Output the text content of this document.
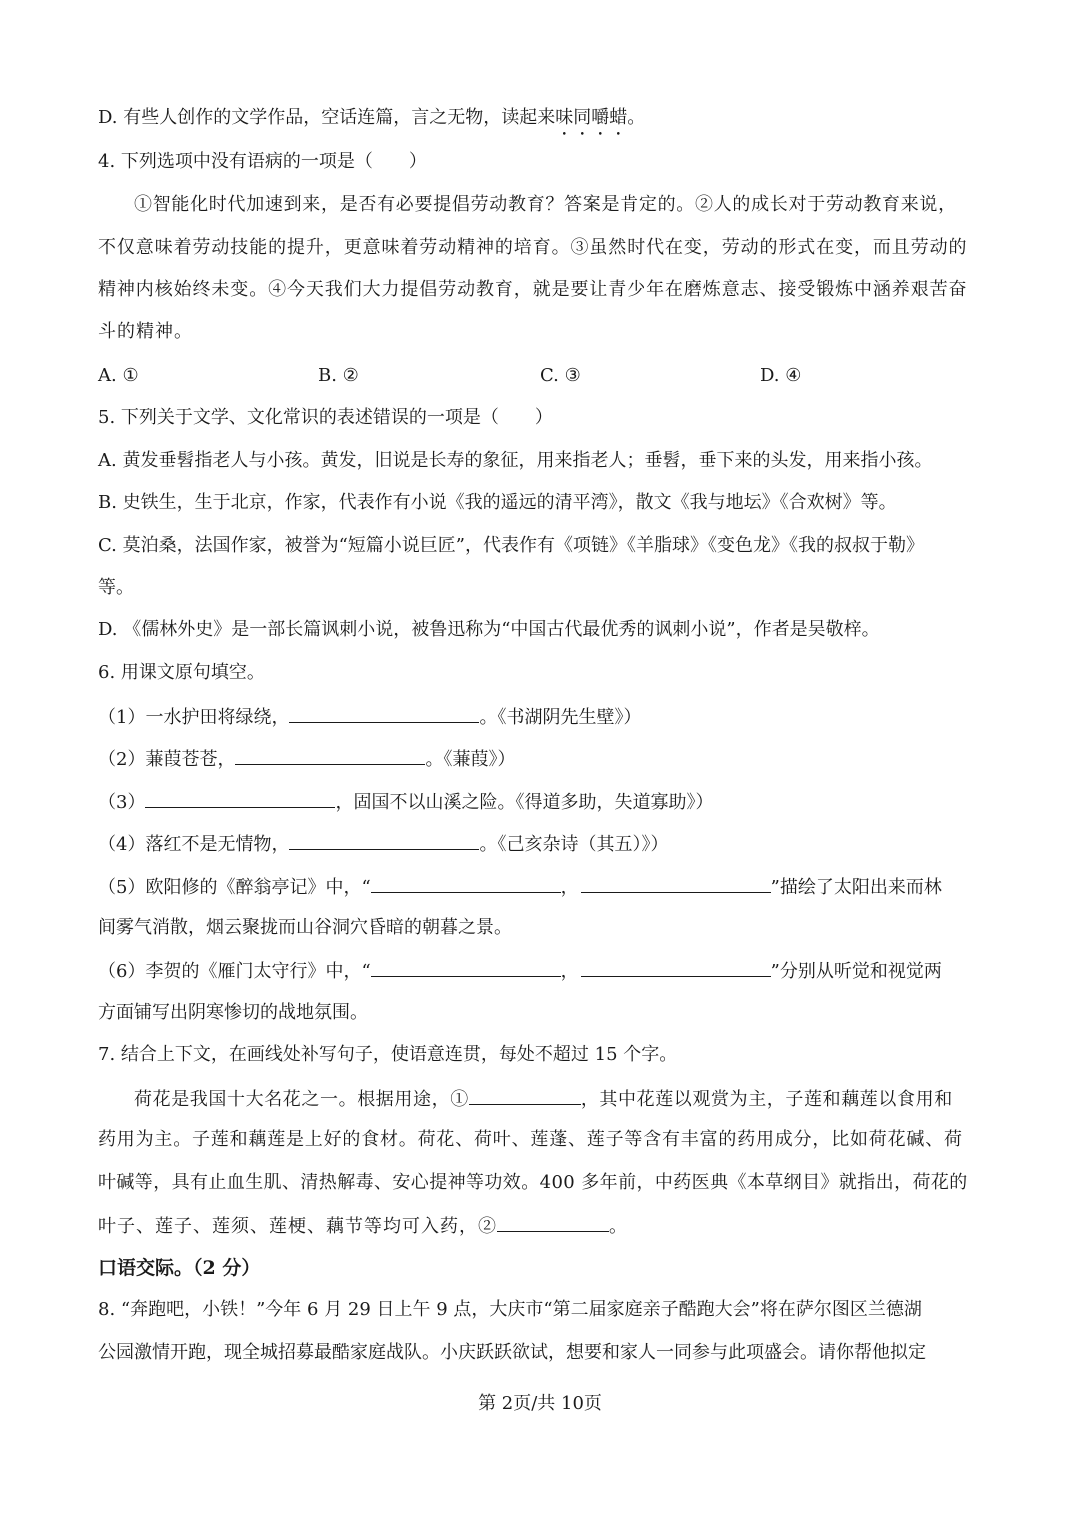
D. 有些人创作的文学作品，空话连篇，言之无物，读起来味同嚼蜡。
4. 下列选项中没有语病的一项是（　　）
①智能化时代加速到来，是否有必要提倡劳动教育？答案是肯定的。②人的成长对于劳动教育来说，
不仅意味着劳动技能的提升，更意味着劳动精神的培育。③虽然时代在变，劳动的形式在变，而且劳动的
精神内核始终未变。④今天我们大力提倡劳动教育，就是要让青少年在磨炼意志、接受锻炼中涵养艰苦奋
斗的精神。
A. ①	B. ②	C. ③	D. ④
5. 下列关于文学、文化常识的表述错误的一项是（　　）
A. 黄发垂髫指老人与小孩。黄发，旧说是长寿的象征，用来指老人；垂髫，垂下来的头发，用来指小孩。
B. 史铁生，生于北京，作家，代表作有小说《我的遥远的清平湾》，散文《我与地坛》《合欢树》等。
C. 莫泊桑，法国作家，被誉为“短篇小说巨匠”，代表作有《项链》《羊脂球》《变色龙》《我的叔叔于勒》
等。
D. 《儒林外史》是一部长篇讽刺小说，被鲁迅称为“中国古代最优秀的讽刺小说”，作者是吴敬梓。
6. 用课文原句填空。
（1）一水护田将绿绕，	。《书湖阴先生壁》）
（2）蒹葭苍苍，	。《蒹葭》）
（3）	，固国不以山溪之险。《得道多助，失道寡助》）
（4）落红不是无情物，	。《己亥杂诗（其五）》）
（5）欧阳修的《醉翁亭记》中，“	，	”描绘了太阳出来而林
间雾气消散，烟云聚拢而山谷洞穴昏暗的朝暮之景。
（6）李贺的《雁门太守行》中，“	，	”分别从听觉和视觉两
方面铺写出阴寒惨切的战地氛围。
7. 结合上下文，在画线处补写句子，使语意连贯，每处不超过 15 个字。
荷花是我国十大名花之一。根据用途，①	，其中花莲以观赏为主，子莲和藕莲以食用和
药用为主。子莲和藕莲是上好的食材。荷花、荷叶、莲蓬、莲子等含有丰富的药用成分，比如荷花碱、荷
叶碱等，具有止血生肌、清热解毒、安心提神等功效。400 多年前，中药医典《本草纲目》就指出，荷花的
叶子、莲子、莲须、莲梗、藕节等均可入药，②	。
口语交际。（2 分）
8. “奔跑吧，小铁！”今年 6 月 29 日上午 9 点，大庆市“第二届家庭亲子酷跑大会”将在萨尔图区兰德湖
公园激情开跑，现全城招募最酷家庭战队。小庆跃跃欲试，想要和家人一同参与此项盛会。请你帮他拟定
第 2页/共 10页
